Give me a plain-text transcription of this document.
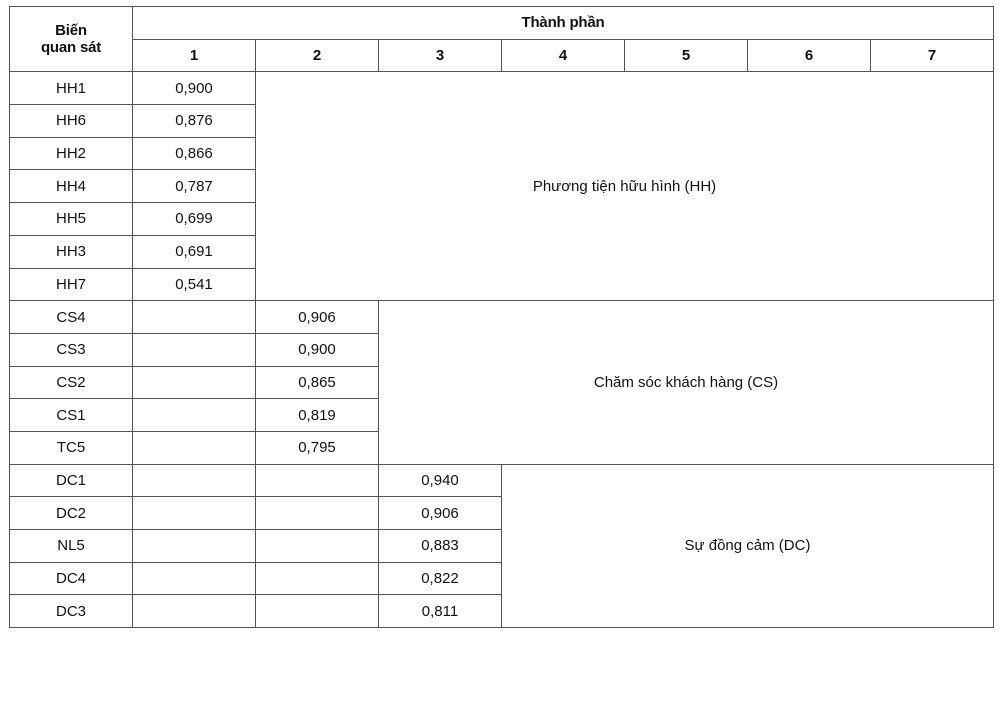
Biến
quan sát	Thành phần						
	1	2	3	4	5	6	7
HH1	0,900	Phương tiện hữu hình (HH)					
HH6	0,876						
HH2	0,866						
HH4	0,787						
HH5	0,699						
HH3	0,691						
HH7	0,541						
CS4		0,906	Chăm sóc khách hàng (CS)				
CS3		0,900					
CS2		0,865					
CS1		0,819					
TC5		0,795					
DC1			0,940	Sự đồng cảm (DC)			
DC2			0,906				
NL5			0,883				
DC4			0,822				
DC3			0,811				
